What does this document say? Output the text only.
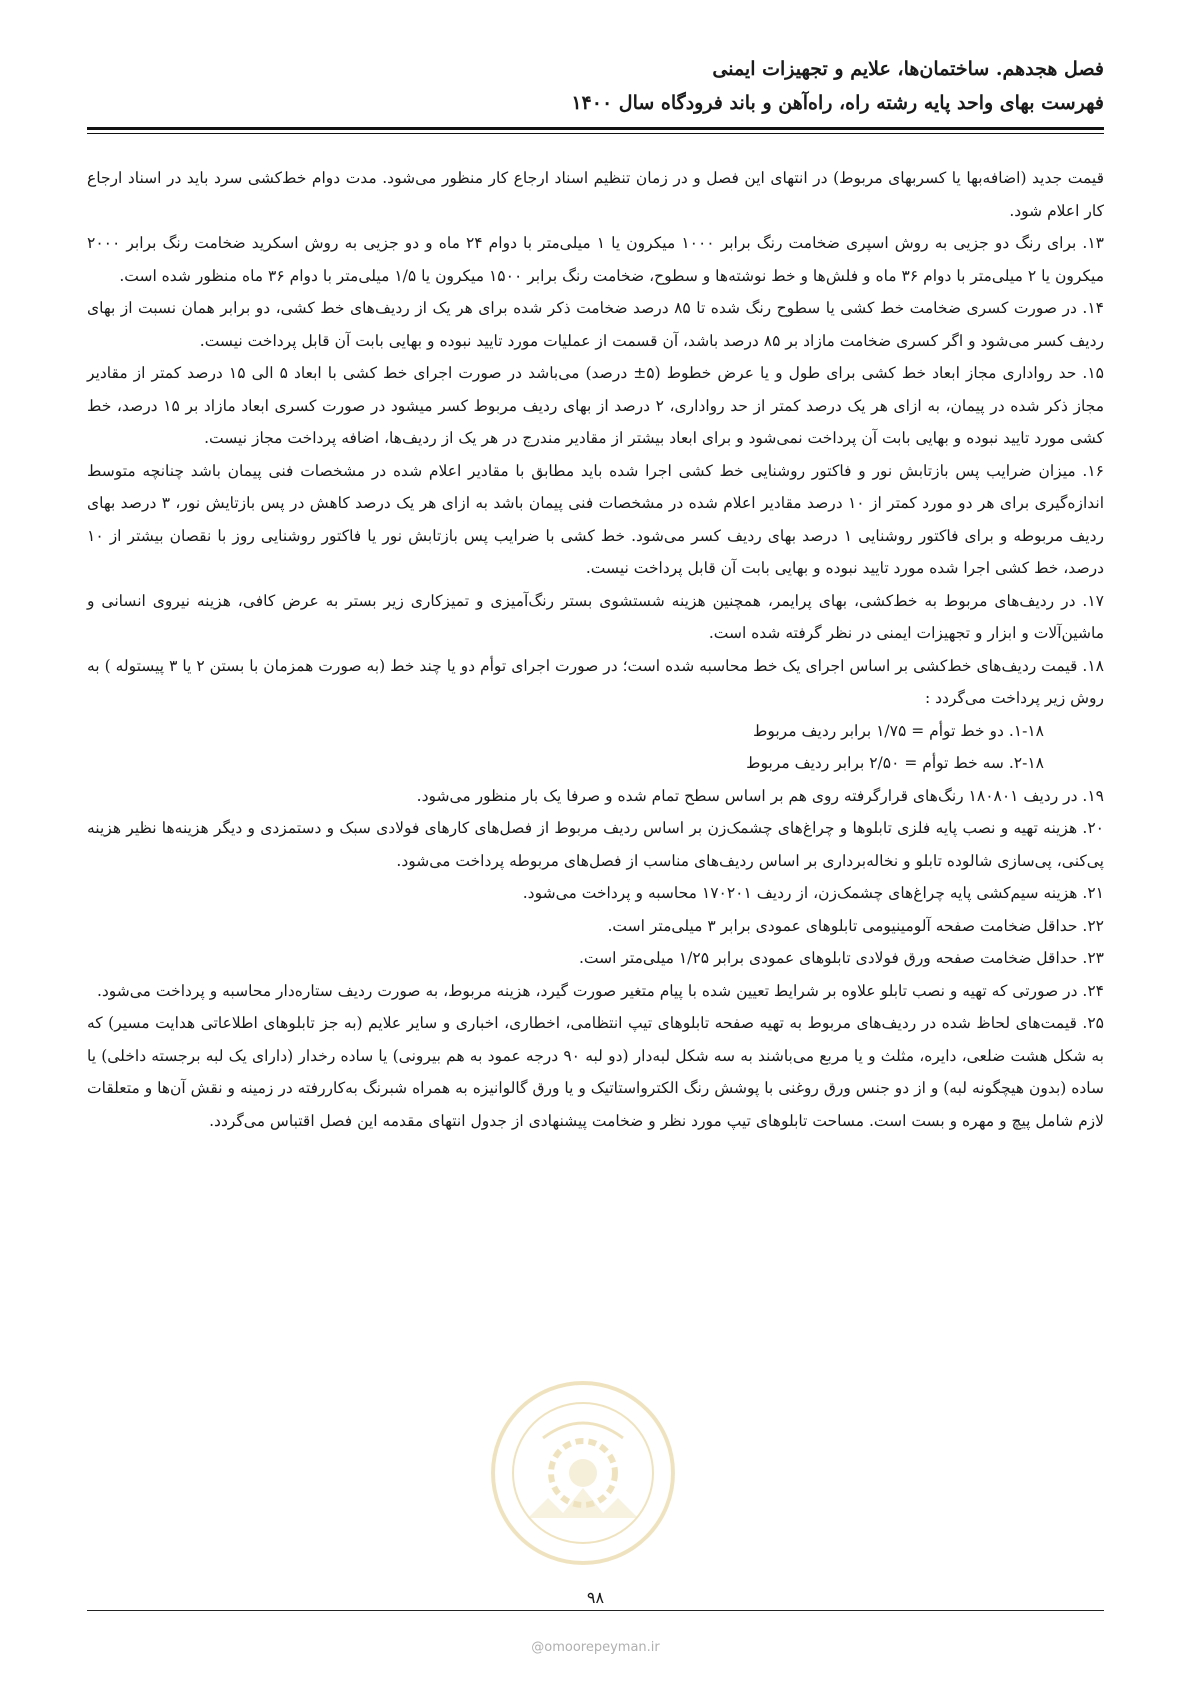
فصل هجدهم. ساختمان‌ها، علایم و تجهیزات ایمنی
فهرست بهای واحد پایه رشته راه، راه‌آهن و باند فرودگاه سال ۱۴۰۰

قیمت جدید (اضافه‌بها یا کسربهای مربوط) در انتهای این فصل و در زمان تنظیم اسناد ارجاع کار منظور می‌شود. مدت دوام خط‌کشی سرد باید در اسناد ارجاع کار اعلام شود.

۱۳. برای رنگ دو جزیی به روش اسپری ضخامت رنگ برابر ۱۰۰۰ میکرون یا ۱ میلی‌متر با دوام ۲۴ ماه و دو جزیی به روش اسکرید ضخامت رنگ برابر ۲۰۰۰ میکرون یا ۲ میلی‌متر با دوام ۳۶ ماه و فلش‌ها و خط نوشته‌ها و سطوح، ضخامت رنگ برابر ۱۵۰۰ میکرون یا ۱/۵ میلی‌متر با دوام ۳۶ ماه منظور شده است.

۱۴. در صورت کسری ضخامت خط کشی یا سطوح رنگ شده تا ۸۵ درصد ضخامت ذکر شده برای هر یک از ردیف‌های خط کشی، دو برابر همان نسبت از بهای ردیف کسر می‌شود و اگر کسری ضخامت مازاد بر ۸۵ درصد باشد، آن قسمت از عملیات مورد تایید نبوده و بهایی بابت آن قابل پرداخت نیست.

۱۵. حد رواداری مجاز ابعاد خط کشی برای طول و یا عرض خطوط (۵± درصد) می‌باشد در صورت اجرای خط کشی با ابعاد ۵ الی ۱۵ درصد کمتر از مقادیر مجاز ذکر شده در پیمان، به ازای هر یک درصد کمتر از حد رواداری، ۲ درصد از بهای ردیف مربوط کسر میشود در صورت کسری ابعاد مازاد بر ۱۵ درصد، خط کشی مورد تایید نبوده و بهایی بابت آن پرداخت نمی‌شود و برای ابعاد بیشتر از مقادیر مندرج در هر یک از ردیف‌ها، اضافه پرداخت مجاز نیست.

۱۶. میزان ضرایب پس بازتابش نور و فاکتور روشنایی خط کشی اجرا شده باید مطابق با مقادیر اعلام شده در مشخصات فنی پیمان باشد چنانچه متوسط اندازه‌گیری برای هر دو مورد کمتر از ۱۰ درصد مقادیر اعلام شده در مشخصات فنی پیمان باشد به ازای هر یک درصد کاهش در پس بازتایش نور، ۳ درصد بهای ردیف مربوطه و برای فاکتور روشنایی ۱ درصد بهای ردیف کسر می‌شود. خط کشی با ضرایب پس بازتابش نور یا فاکتور روشنایی روز با نقصان بیشتر از ۱۰ درصد، خط کشی اجرا شده مورد تایید نبوده و بهایی بابت آن قابل پرداخت نیست.

۱۷. در ردیف‌های مربوط به خط‌کشی، بهای پرایمر، همچنین هزینه شستشوی بستر رنگ‌آمیزی و تمیزکاری زیر بستر به عرض کافی، هزینه نیروی انسانی و ماشین‌آلات و ابزار و تجهیزات ایمنی در نظر گرفته شده است.

۱۸. قیمت ردیف‌های خط‌کشی بر اساس اجرای یک خط محاسبه شده است؛ در صورت اجرای توأم دو یا چند خط (به صورت همزمان با بستن ۲ یا ۳ پیستوله ) به روش زیر پرداخت می‌گردد :

۱-۱۸. دو خط توأم = ۱/۷۵ برابر ردیف مربوط

۲-۱۸. سه خط توأم = ۲/۵۰ برابر ردیف مربوط

۱۹. در ردیف ۱۸۰۸۰۱ رنگ‌های قرارگرفته روی هم بر اساس سطح تمام شده و صرفا یک بار منظور می‌شود.

۲۰. هزینه تهیه و نصب پایه فلزی تابلوها و چراغ‌های چشمک‌زن بر اساس ردیف مربوط از فصل‌های کارهای فولادی سبک و دستمزدی و دیگر هزینه‌ها نظیر هزینه پی‌کنی، پی‌سازی شالوده تابلو و نخاله‌برداری بر اساس ردیف‌های مناسب از فصل‌های مربوطه پرداخت می‌شود.

۲۱. هزینه سیم‌کشی پایه چراغ‌های چشمک‌زن، از ردیف ۱۷۰۲۰۱ محاسبه و پرداخت می‌شود.

۲۲. حداقل ضخامت صفحه آلومینیومی تابلوهای عمودی برابر ۳ میلی‌متر است.

۲۳. حداقل ضخامت صفحه ورق فولادی تابلوهای عمودی برابر ۱/۲۵ میلی‌متر است.

۲۴. در صورتی که تهیه و نصب تابلو علاوه بر شرایط تعیین شده با پیام متغیر صورت گیرد، هزینه مربوط، به صورت ردیف ستاره‌دار محاسبه و پرداخت می‌شود.

۲۵. قیمت‌های لحاظ شده در ردیف‌های مربوط به تهیه صفحه تابلوهای تیپ انتظامی، اخطاری، اخباری و سایر علایم (به جز تابلوهای اطلاعاتی هدایت مسیر) که به شکل هشت ضلعی، دایره، مثلث و یا مربع می‌باشند به سه شکل لبه‌دار (دو لبه ۹۰ درجه عمود به هم بیرونی) یا ساده رخدار (دارای یک لبه برجسته داخلی) یا ساده (بدون هیچگونه لبه) و از دو جنس ورق روغنی با پوشش رنگ الکترواستاتیک و یا ورق گالوانیزه به همراه شبرنگ به‌کاررفته در زمینه و نقش آن‌ها و متعلقات لازم شامل پیچ و مهره و بست است. مساحت تابلوهای تیپ مورد نظر و ضخامت پیشنهادی از جدول انتهای مقدمه این فصل اقتباس می‌گردد.

۹۸
@omoorepeyman.ir
